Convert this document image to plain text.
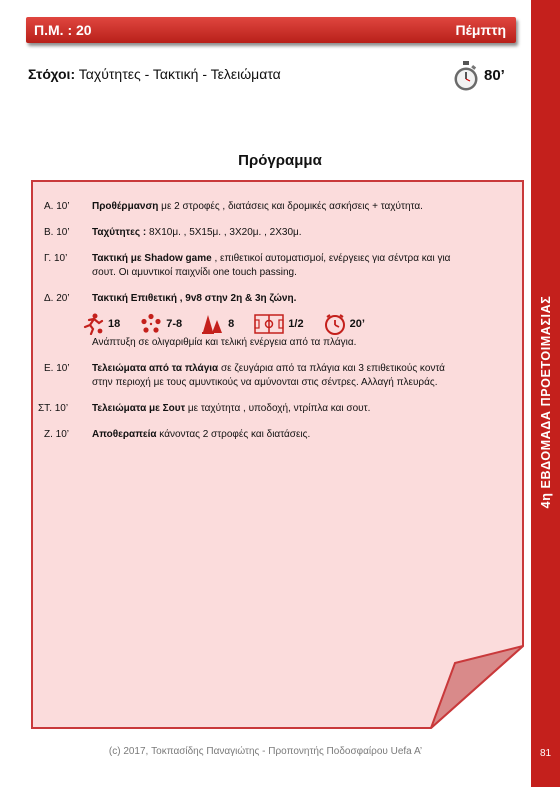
Π.Μ. : 20	Πέμπτη
4η ΕΒΔΟΜΑΔΑ ΠΡΟΕΤΟΙΜΑΣΙΑΣ
81
Στόχοι: Ταχύτητες - Τακτική - Τελειώματα	80’
Πρόγραμμα
Α. 10’	Προθέρμανση με 2 στροφές , διατάσεις και δρομικές ασκήσεις + ταχύτητα.
Β. 10’	Ταχύτητες : 8Χ10μ. , 5Χ15μ. , 3Χ20μ. , 2Χ30μ.
Γ. 10’	Τακτική με Shadow game , επιθετικοί αυτοματισμοί, ενέργειες για σέντρα και για
σουτ. Οι αμυντικοί παιχνίδι one touch passing.
Δ. 20’	Τακτική Επιθετική , 9v8 στην 2η & 3η ζώνη.
18	7-8	8	1/2	20’
Ανάπτυξη σε ολιγαριθμία και τελική ενέργεια από τα πλάγια.
Ε. 10’	Τελειώματα από τα πλάγια σε ζευγάρια από τα πλάγια και 3 επιθετικούς κοντά
στην περιοχή με τους αμυντικούς να αμύνονται στις σέντρες. Αλλαγή πλευράς.
ΣΤ. 10’	Τελειώματα με Σουτ με ταχύτητα , υποδοχή, ντρίπλα και σουτ.
Ζ. 10’	Αποθεραπεία κάνοντας 2 στροφές και διατάσεις.
(c) 2017, Τοκπασίδης Παναγιώτης - Προπονητής Ποδοσφαίρου Uefa A’
